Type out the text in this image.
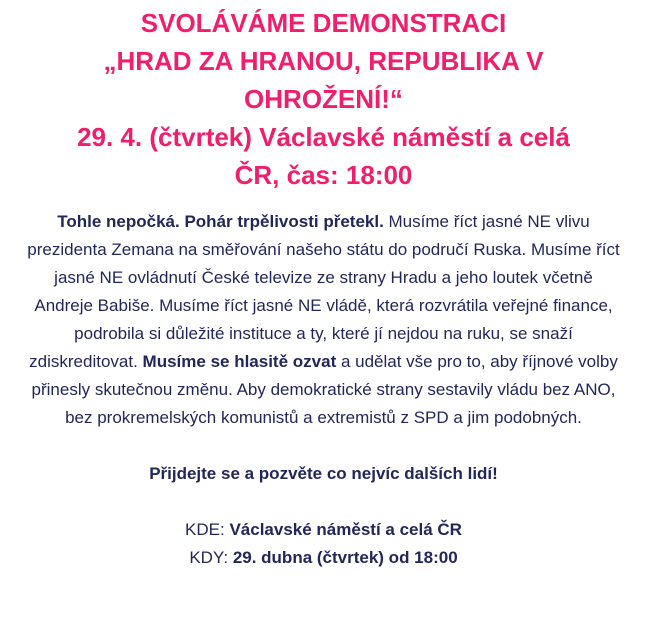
SVOLÁVÁME DEMONSTRACI
„HRAD ZA HRANOU, REPUBLIKA V
OHROŽENÍ!“
29. 4. (čtvrtek) Václavské náměstí a celá
ČR, čas: 18:00

Tohle nepočká. Pohár trpělivosti přetekl. Musíme říct jasné NE vlivu prezidenta Zemana na směřování našeho státu do područí Ruska. Musíme říct jasné NE ovládnutí České televize ze strany Hradu a jeho loutek včetně Andreje Babiše. Musíme říct jasné NE vládě, která rozvrátila veřejné finance, podrobila si důležité instituce a ty, které jí nejdou na ruku, se snaží zdiskreditovat. Musíme se hlasitě ozvat a udělat vše pro to, aby říjnové volby přinesly skutečnou změnu. Aby demokratické strany sestavily vládu bez ANO, bez prokremelských komunistů a extremistů z SPD a jim podobných.

Přijdejte se a pozvěte co nejvíc dalších lidí!

KDE: Václavské náměstí a celá ČR
KDY: 29. dubna (čtvrtek) od 18:00
